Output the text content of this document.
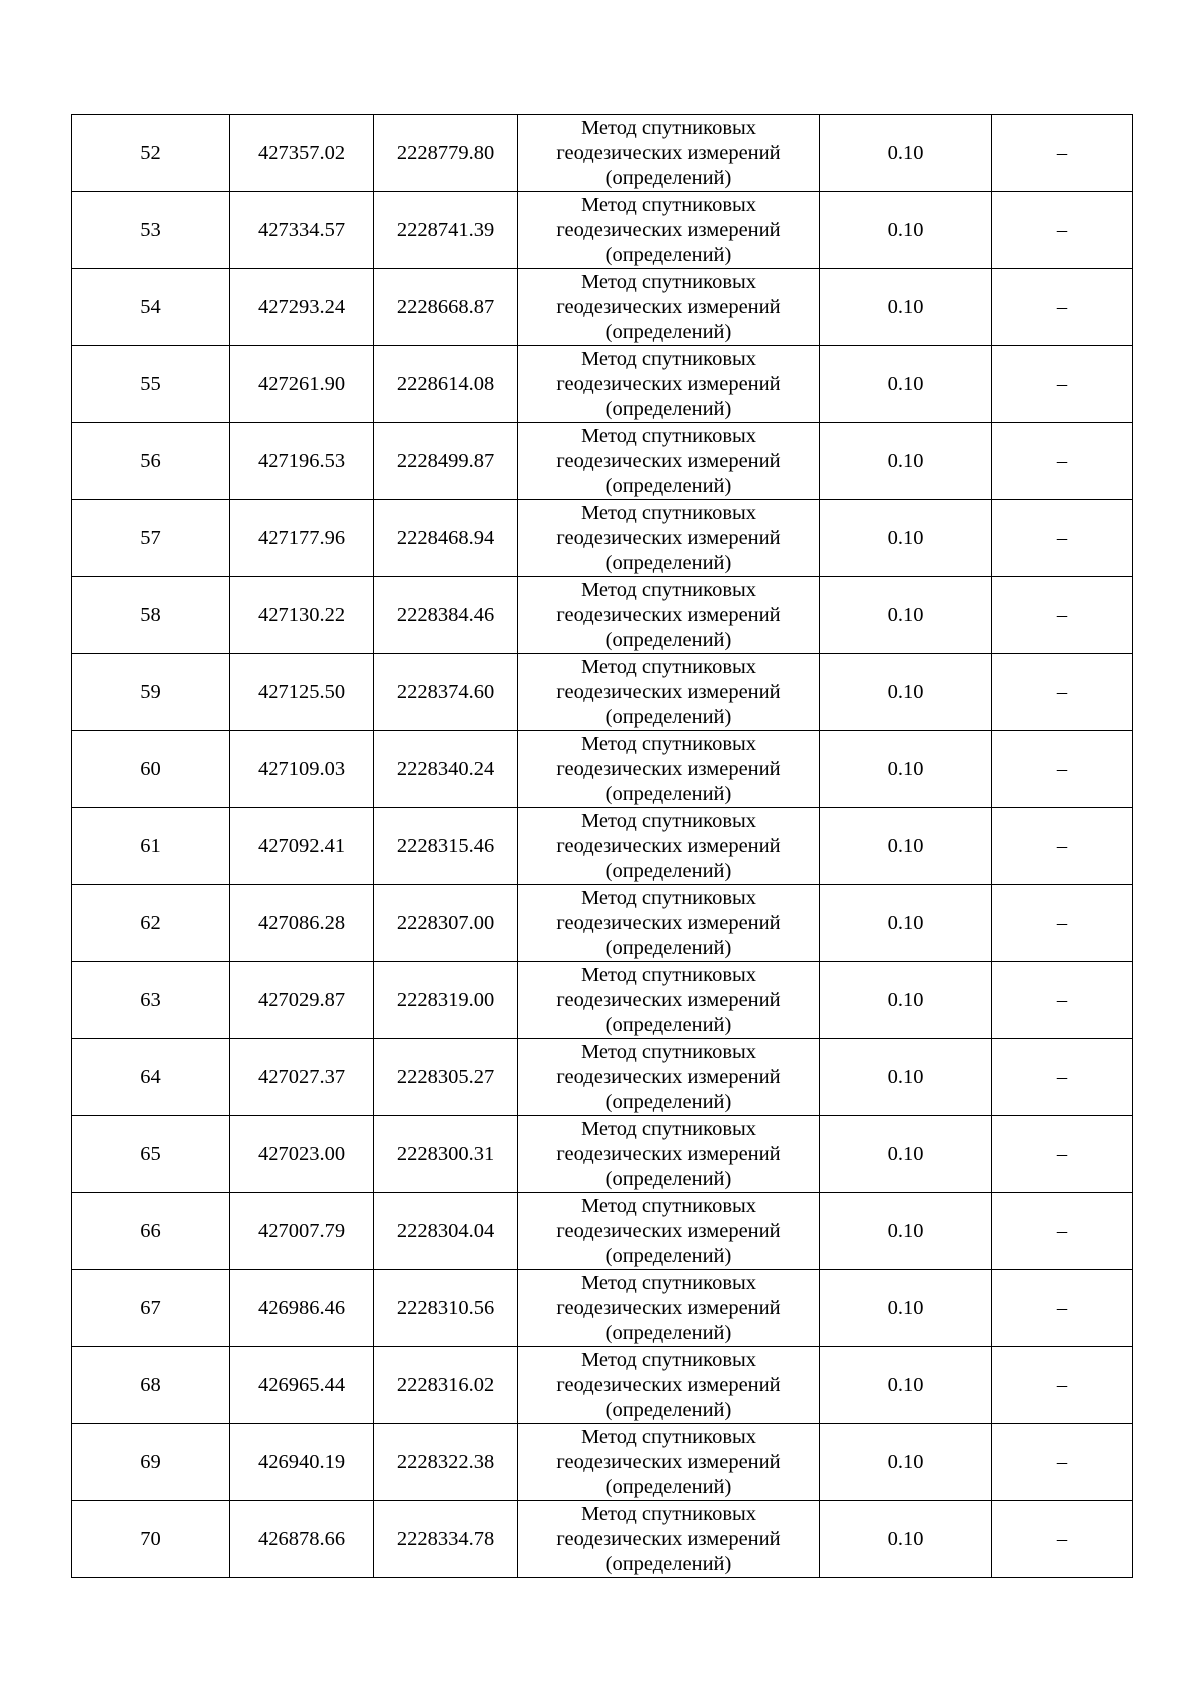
52	427357.02	2228779.80	Метод спутниковых
геодезических измерений
(определений)	0.10	–
53	427334.57	2228741.39	Метод спутниковых
геодезических измерений
(определений)	0.10	–
54	427293.24	2228668.87	Метод спутниковых
геодезических измерений
(определений)	0.10	–
55	427261.90	2228614.08	Метод спутниковых
геодезических измерений
(определений)	0.10	–
56	427196.53	2228499.87	Метод спутниковых
геодезических измерений
(определений)	0.10	–
57	427177.96	2228468.94	Метод спутниковых
геодезических измерений
(определений)	0.10	–
58	427130.22	2228384.46	Метод спутниковых
геодезических измерений
(определений)	0.10	–
59	427125.50	2228374.60	Метод спутниковых
геодезических измерений
(определений)	0.10	–
60	427109.03	2228340.24	Метод спутниковых
геодезических измерений
(определений)	0.10	–
61	427092.41	2228315.46	Метод спутниковых
геодезических измерений
(определений)	0.10	–
62	427086.28	2228307.00	Метод спутниковых
геодезических измерений
(определений)	0.10	–
63	427029.87	2228319.00	Метод спутниковых
геодезических измерений
(определений)	0.10	–
64	427027.37	2228305.27	Метод спутниковых
геодезических измерений
(определений)	0.10	–
65	427023.00	2228300.31	Метод спутниковых
геодезических измерений
(определений)	0.10	–
66	427007.79	2228304.04	Метод спутниковых
геодезических измерений
(определений)	0.10	–
67	426986.46	2228310.56	Метод спутниковых
геодезических измерений
(определений)	0.10	–
68	426965.44	2228316.02	Метод спутниковых
геодезических измерений
(определений)	0.10	–
69	426940.19	2228322.38	Метод спутниковых
геодезических измерений
(определений)	0.10	–
70	426878.66	2228334.78	Метод спутниковых
геодезических измерений
(определений)	0.10	–
